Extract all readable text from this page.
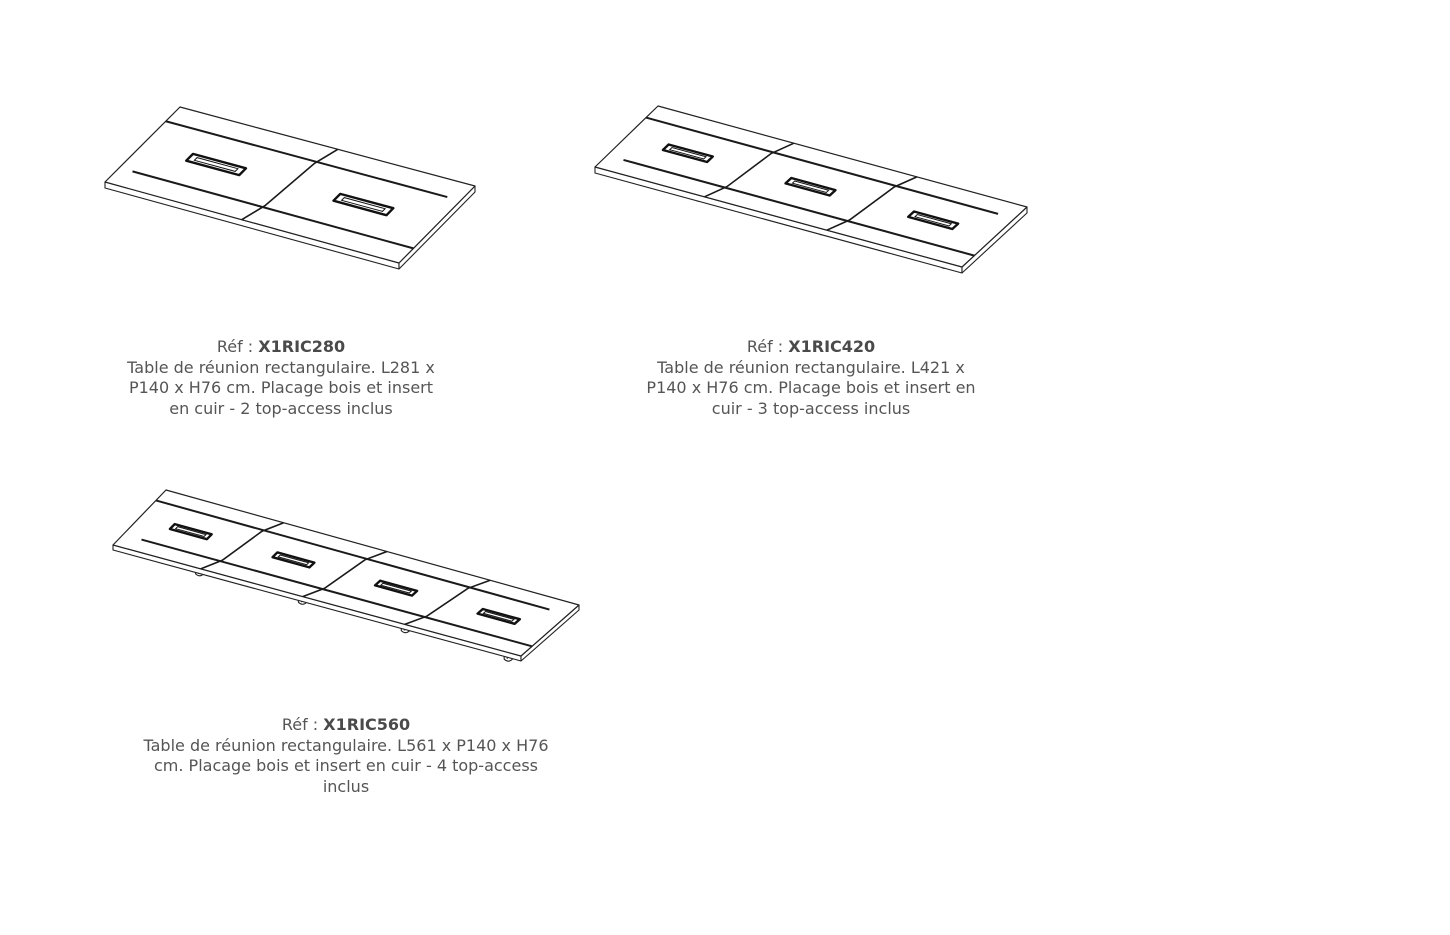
Réf : X1RIC280
Table de réunion rectangulaire. L281 x P140 x H76 cm. Placage bois et insert en cuir - 2 top-access inclus
Réf : X1RIC420
Table de réunion rectangulaire. L421 x P140 x H76 cm. Placage bois et insert en cuir - 3 top-access inclus
Réf : X1RIC560
Table de réunion rectangulaire. L561 x P140 x H76 cm. Placage bois et insert en cuir - 4 top-access inclus
